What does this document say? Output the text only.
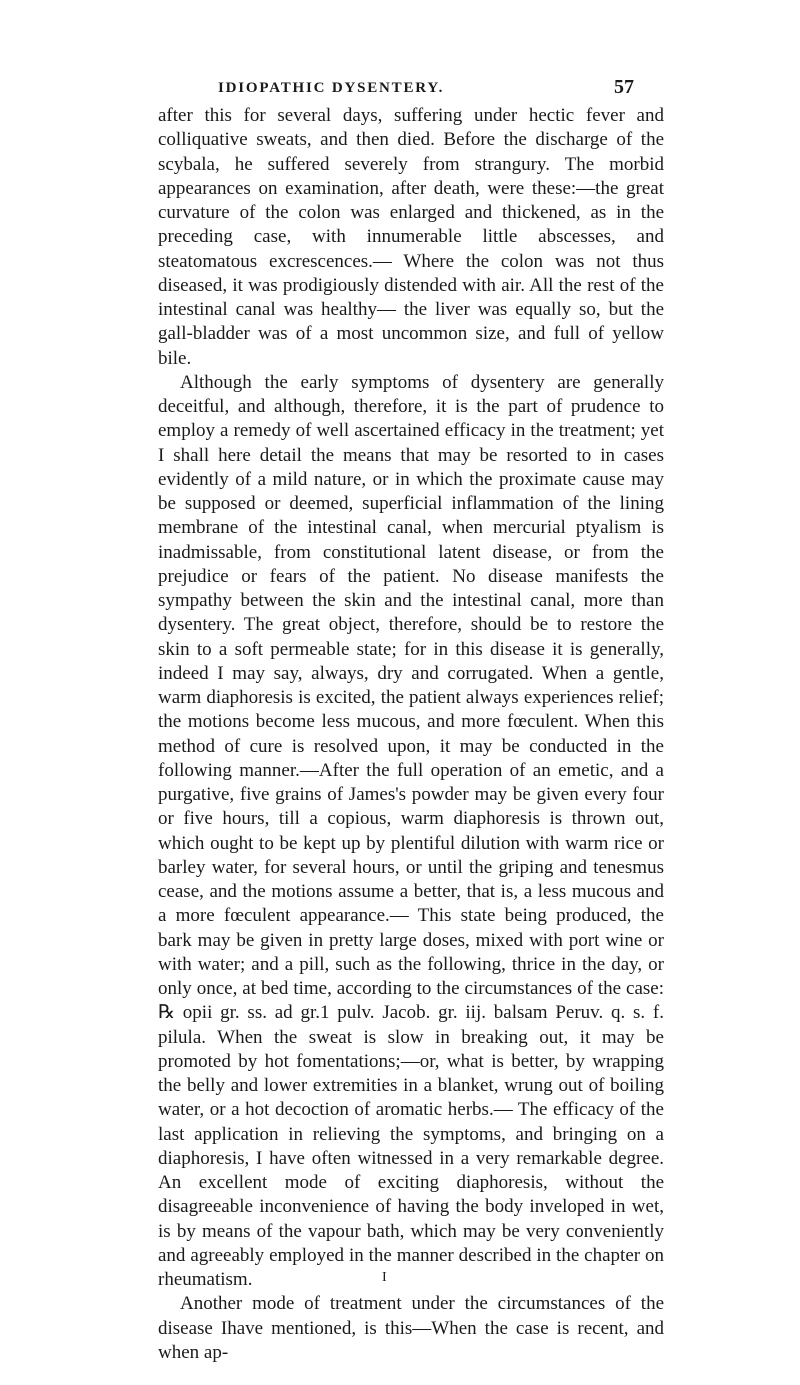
IDIOPATHIC DYSENTERY.	57

after this for several days, suffering under hectic fever and colliquative sweats, and then died. Before the discharge of the scybala, he suffered severely from strangury. The morbid appearances on examination, after death, were these:—the great curvature of the colon was enlarged and thickened, as in the preceding case, with innumerable little abscesses, and steatomatous excrescences.— Where the colon was not thus diseased, it was prodigiously distended with air. All the rest of the intestinal canal was healthy— the liver was equally so, but the gall-bladder was of a most uncommon size, and full of yellow bile.

Although the early symptoms of dysentery are generally deceitful, and although, therefore, it is the part of prudence to employ a remedy of well ascertained efficacy in the treatment; yet I shall here detail the means that may be resorted to in cases evidently of a mild nature, or in which the proximate cause may be supposed or deemed, superficial inflammation of the lining membrane of the intestinal canal, when mercurial ptyalism is inadmissable, from constitutional latent disease, or from the prejudice or fears of the patient. No disease manifests the sympathy between the skin and the intestinal canal, more than dysentery. The great object, therefore, should be to restore the skin to a soft permeable state; for in this disease it is generally, indeed I may say, always, dry and corrugated. When a gentle, warm diaphoresis is excited, the patient always experiences relief; the motions become less mucous, and more fœculent. When this method of cure is resolved upon, it may be conducted in the following manner.—After the full operation of an emetic, and a purgative, five grains of James's powder may be given every four or five hours, till a copious, warm diaphoresis is thrown out, which ought to be kept up by plentiful dilution with warm rice or barley water, for several hours, or until the griping and tenesmus cease, and the motions assume a better, that is, a less mucous and a more fœculent appearance.— This state being produced, the bark may be given in pretty large doses, mixed with port wine or with water; and a pill, such as the following, thrice in the day, or only once, at bed time, according to the circumstances of the case: ℞ opii gr. ss. ad gr.1 pulv. Jacob. gr. iij. balsam Peruv. q. s. f. pilula. When the sweat is slow in breaking out, it may be promoted by hot fomentations;—or, what is better, by wrapping the belly and lower extremities in a blanket, wrung out of boiling water, or a hot decoction of aromatic herbs.— The efficacy of the last application in relieving the symptoms, and bringing on a diaphoresis, I have often witnessed in a very remarkable degree. An excellent mode of exciting diaphoresis, without the disagreeable inconvenience of having the body inveloped in wet, is by means of the vapour bath, which may be very conveniently and agreeably employed in the manner described in the chapter on rheumatism.

Another mode of treatment under the circumstances of the disease Ihave mentioned, is this—When the case is recent, and when ap-

I
